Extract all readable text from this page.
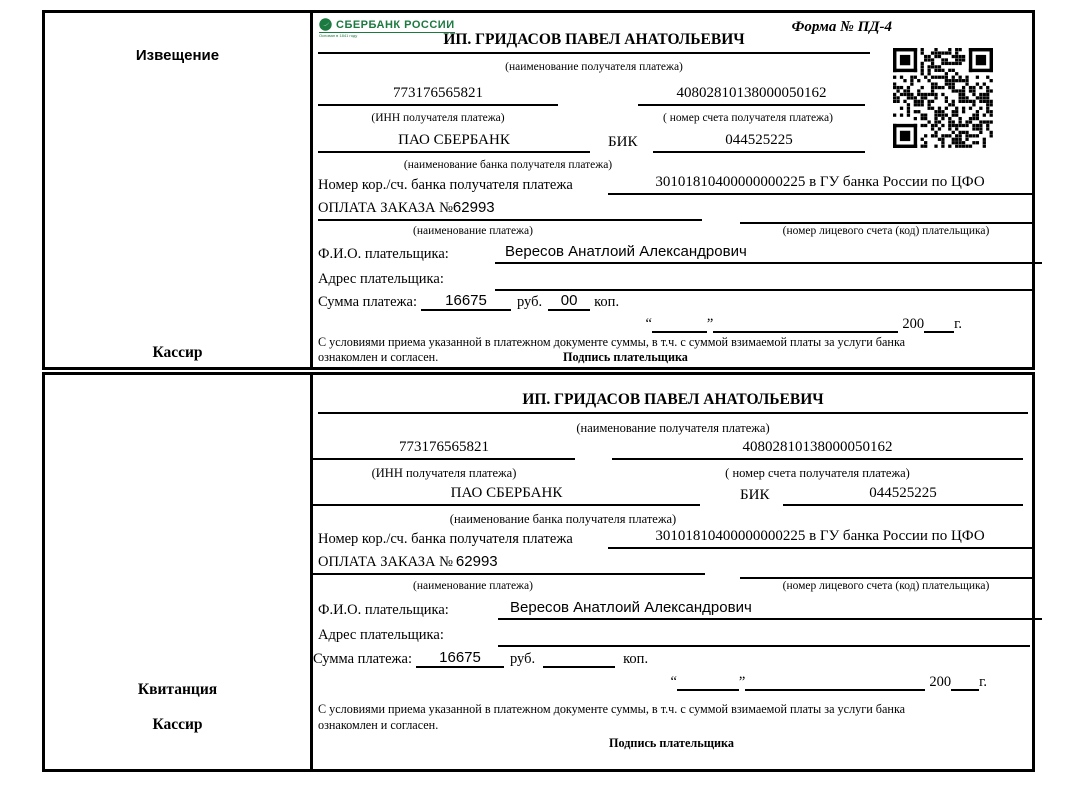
Извещение
Кассир
СБЕРБАНК РОССИИ
Основан в 1841 году
Форма № ПД-4
ИП. ГРИДАСОВ ПАВЕЛ АНАТОЛЬЕВИЧ
(наименование получателя платежа)
773176565821	40802810138000050162
(ИНН получателя платежа)	( номер счета получателя платежа)
ПАО СБЕРБАНК	БИК	044525225
(наименование банка получателя платежа)
Номер кор./сч. банка получателя платежа	30101810400000000225 в ГУ банка России по ЦФО
ОПЛАТА ЗАКАЗА №62993
(наименование платежа)	(номер лицевого счета (код) плательщика)
Ф.И.О. плательщика:	Вересов Анатлоий Александрович
Адрес плательщика:
Сумма платежа:	16675	руб.	00	коп.
“	”	200 г.
С условиями приема указанной в платежном документе суммы, в т.ч. с суммой взимаемой платы за услуги банка
ознакомлен и согласен.	Подпись плательщика
Квитанция
Кассир
ИП. ГРИДАСОВ ПАВЕЛ АНАТОЛЬЕВИЧ
(наименование получателя платежа)
773176565821	40802810138000050162
(ИНН получателя платежа)	( номер счета получателя платежа)
ПАО СБЕРБАНК	БИК	044525225
(наименование банка получателя платежа)
Номер кор./сч. банка получателя платежа	30101810400000000225 в ГУ банка России по ЦФО
ОПЛАТА ЗАКАЗА № 62993
(наименование платежа)	(номер лицевого счета (код) плательщика)
Ф.И.О. плательщика:	Вересов Анатлоий Александрович
Адрес плательщика:
Сумма платежа:	16675	руб.	коп.
“	”	200 г.
С условиями приема указанной в платежном документе суммы, в т.ч. с суммой взимаемой платы за услуги банка
ознакомлен и согласен.
Подпись плательщика
